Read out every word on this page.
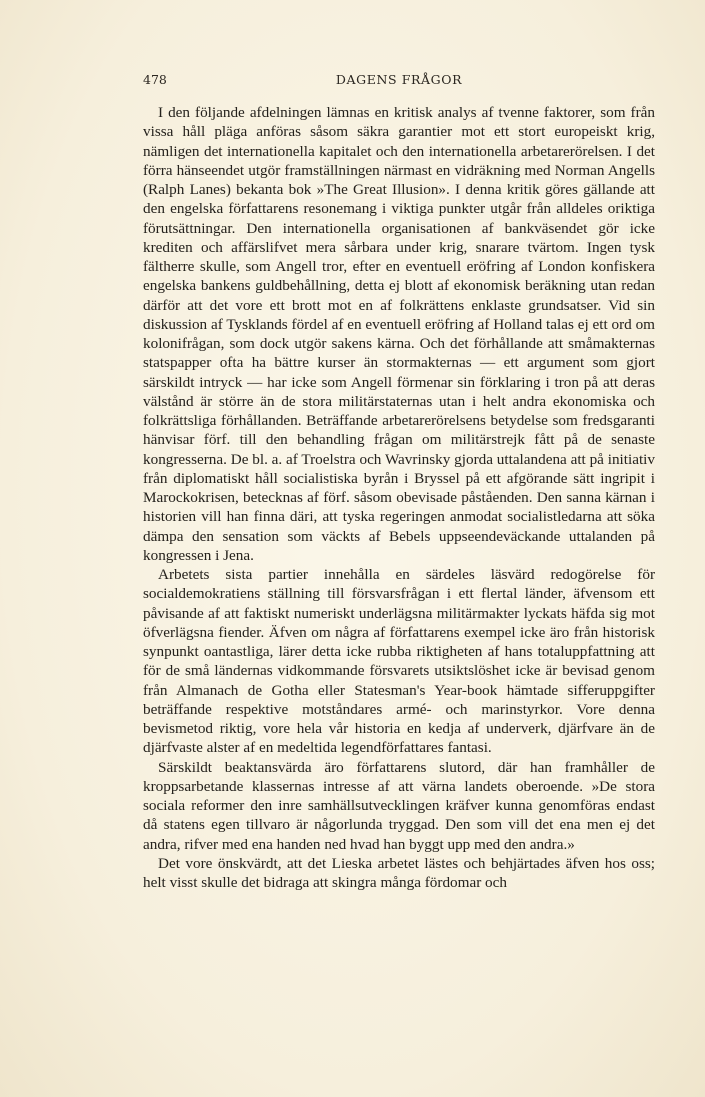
478	DAGENS FRÅGOR

I den följande afdelningen lämnas en kritisk analys af tvenne faktorer, som från vissa håll pläga anföras såsom säkra garantier mot ett stort europeiskt krig, nämligen det internationella kapitalet och den internationella arbetarerörelsen. I det förra hänseendet utgör framställningen närmast en vidräkning med Norman Angells (Ralph Lanes) bekanta bok »The Great Illusion». I denna kritik göres gällande att den engelska författarens resonemang i viktiga punkter utgår från alldeles oriktiga förutsättningar. Den internationella organisationen af bankväsendet gör icke krediten och affärslifvet mera sårbara under krig, snarare tvärtom. Ingen tysk fältherre skulle, som Angell tror, efter en eventuell eröfring af London konfiskera engelska bankens guldbehållning, detta ej blott af ekonomisk beräkning utan redan därför att det vore ett brott mot en af folkrättens enklaste grundsatser. Vid sin diskussion af Tysklands fördel af en eventuell eröfring af Holland talas ej ett ord om kolonifrågan, som dock utgör sakens kärna. Och det förhållande att småmakternas statspapper ofta ha bättre kurser än stormakternas — ett argument som gjort särskildt intryck — har icke som Angell förmenar sin förklaring i tron på att deras välstånd är större än de stora militärstaternas utan i helt andra ekonomiska och folkrättsliga förhållanden. Beträffande arbetarerörelsens betydelse som fredsgaranti hänvisar förf. till den behandling frågan om militärstrejk fått på de senaste kongresserna. De bl. a. af Troelstra och Wavrinsky gjorda uttalandena att på initiativ från diplomatiskt håll socialistiska byrån i Bryssel på ett afgörande sätt ingripit i Marockokrisen, betecknas af förf. såsom obevisade påståenden. Den sanna kärnan i historien vill han finna däri, att tyska regeringen anmodat socialistledarna att söka dämpa den sensation som väckts af Bebels uppseendeväckande uttalanden på kongressen i Jena.

Arbetets sista partier innehålla en särdeles läsvärd redogörelse för socialdemokratiens ställning till försvarsfrågan i ett flertal länder, äfvensom ett påvisande af att faktiskt numeriskt underlägsna militärmakter lyckats häfda sig mot öfverlägsna fiender. Äfven om några af författarens exempel icke äro från historisk synpunkt oantastliga, lärer detta icke rubba riktigheten af hans totaluppfattning att för de små ländernas vidkommande försvarets utsiktslöshet icke är bevisad genom från Almanach de Gotha eller Statesman's Year-book hämtade sifferuppgifter beträffande respektive motståndares armé- och marinstyrkor. Vore denna bevismetod riktig, vore hela vår historia en kedja af underverk, djärfvare än de djärfvaste alster af en medeltida legendförfattares fantasi.

Särskildt beaktansvärda äro författarens slutord, där han framhåller de kroppsarbetande klassernas intresse af att värna landets oberoende. »De stora sociala reformer den inre samhällsutvecklingen kräfver kunna genomföras endast då statens egen tillvaro är någorlunda tryggad. Den som vill det ena men ej det andra, rifver med ena handen ned hvad han byggt upp med den andra.»

Det vore önskvärdt, att det Lieska arbetet lästes och behjärtades äfven hos oss; helt visst skulle det bidraga att skingra många fördomar och
